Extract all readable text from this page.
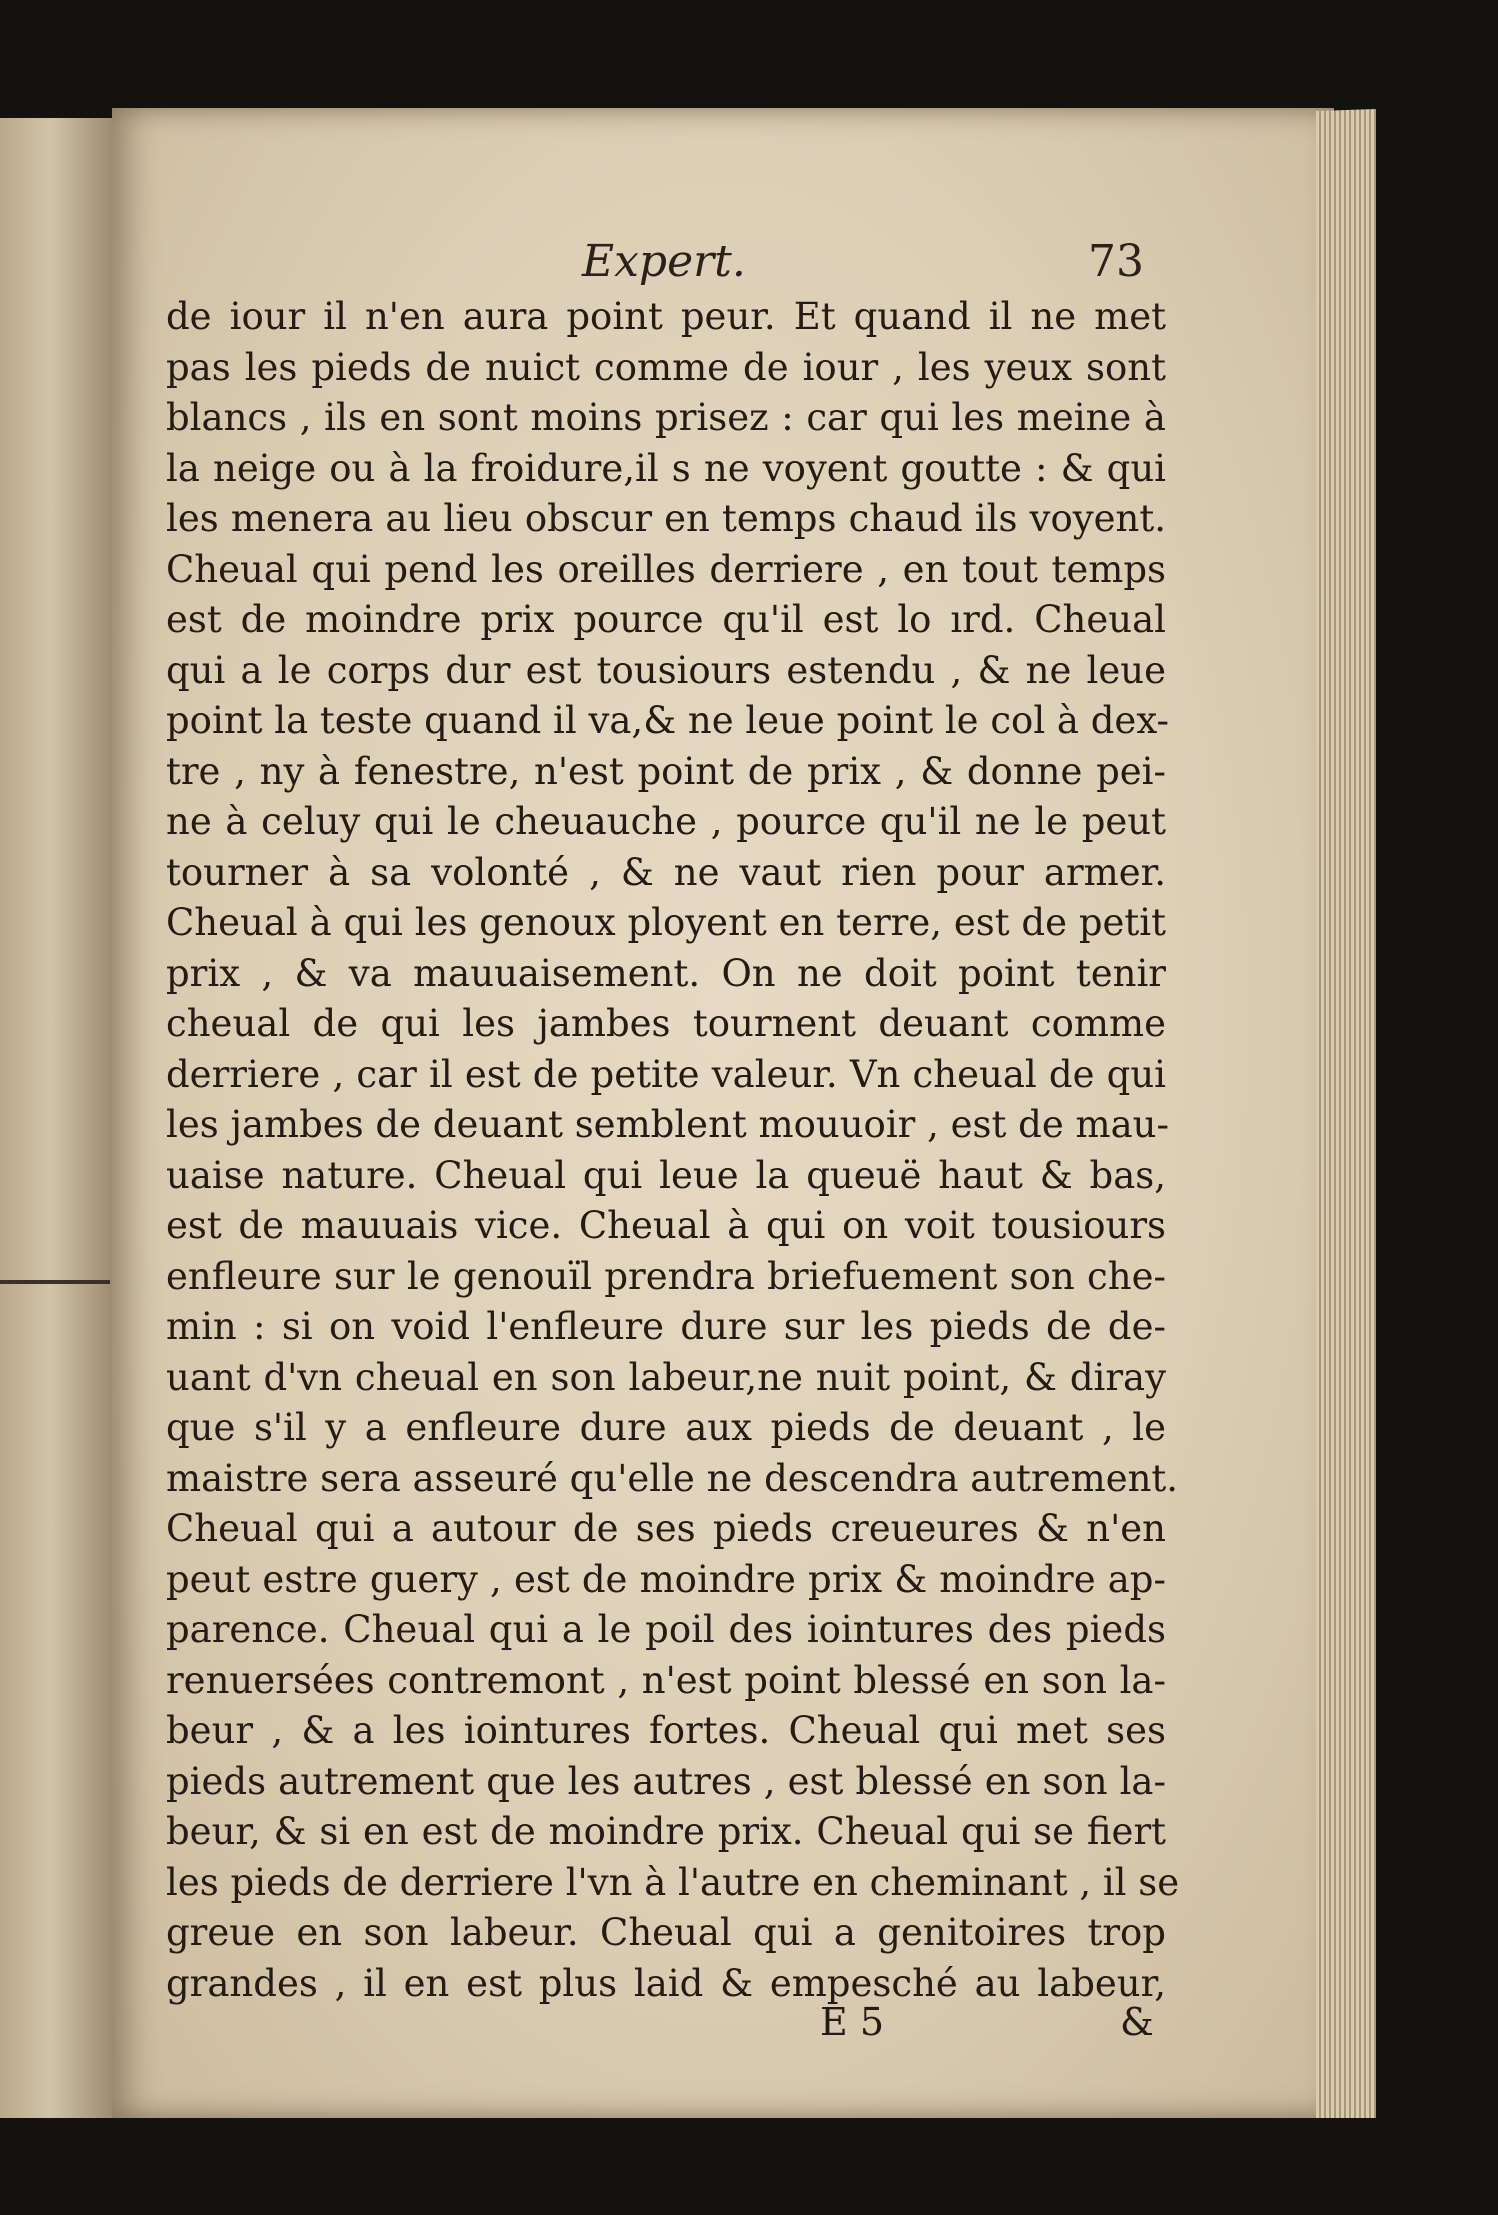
Expert.	73
de iour il n'en aura point peur. Et quand il ne met
pas les pieds de nuict comme de iour , les yeux sont
blancs , ils en sont moins prisez : car qui les meine à
la neige ou à la froidure,il s ne voyent goutte : & qui
les menera au lieu obscur en temps chaud ils voyent.
Cheual qui pend les oreilles derriere , en tout temps
est de moindre prix pource qu'il est lo ırd. Cheual
qui a le corps dur est tousiours estendu , & ne leue
point la teste quand il va,& ne leue point le col à dex-
tre , ny à fenestre, n'est point de prix , & donne pei-
ne à celuy qui le cheuauche , pource qu'il ne le peut
tourner à sa volonté , & ne vaut rien pour armer.
Cheual à qui les genoux ployent en terre, est de petit
prix , & va mauuaisement. On ne doit point tenir
cheual de qui les jambes tournent deuant comme
derriere , car il est de petite valeur. Vn cheual de qui
les jambes de deuant semblent mouuoir , est de mau-
uaise nature. Cheual qui leue la queuë haut & bas,
est de mauuais vice. Cheual à qui on voit tousiours
enfleure sur le genouïl prendra briefuement son che-
min : si on void l'enfleure dure sur les pieds de de-
uant d'vn cheual en son labeur,ne nuit point, & diray
que s'il y a enfleure dure aux pieds de deuant , le
maistre sera asseuré qu'elle ne descendra autrement.
Cheual qui a autour de ses pieds creueures & n'en
peut estre guery , est de moindre prix & moindre ap-
parence. Cheual qui a le poil des iointures des pieds
renuersées contremont , n'est point blessé en son la-
beur , & a les iointures fortes. Cheual qui met ses
pieds autrement que les autres , est blessé en son la-
beur, & si en est de moindre prix. Cheual qui se fiert
les pieds de derriere l'vn à l'autre en cheminant , il se
greue en son labeur. Cheual qui a genitoires trop
grandes , il en est plus laid & empesché au labeur,
E 5	&
